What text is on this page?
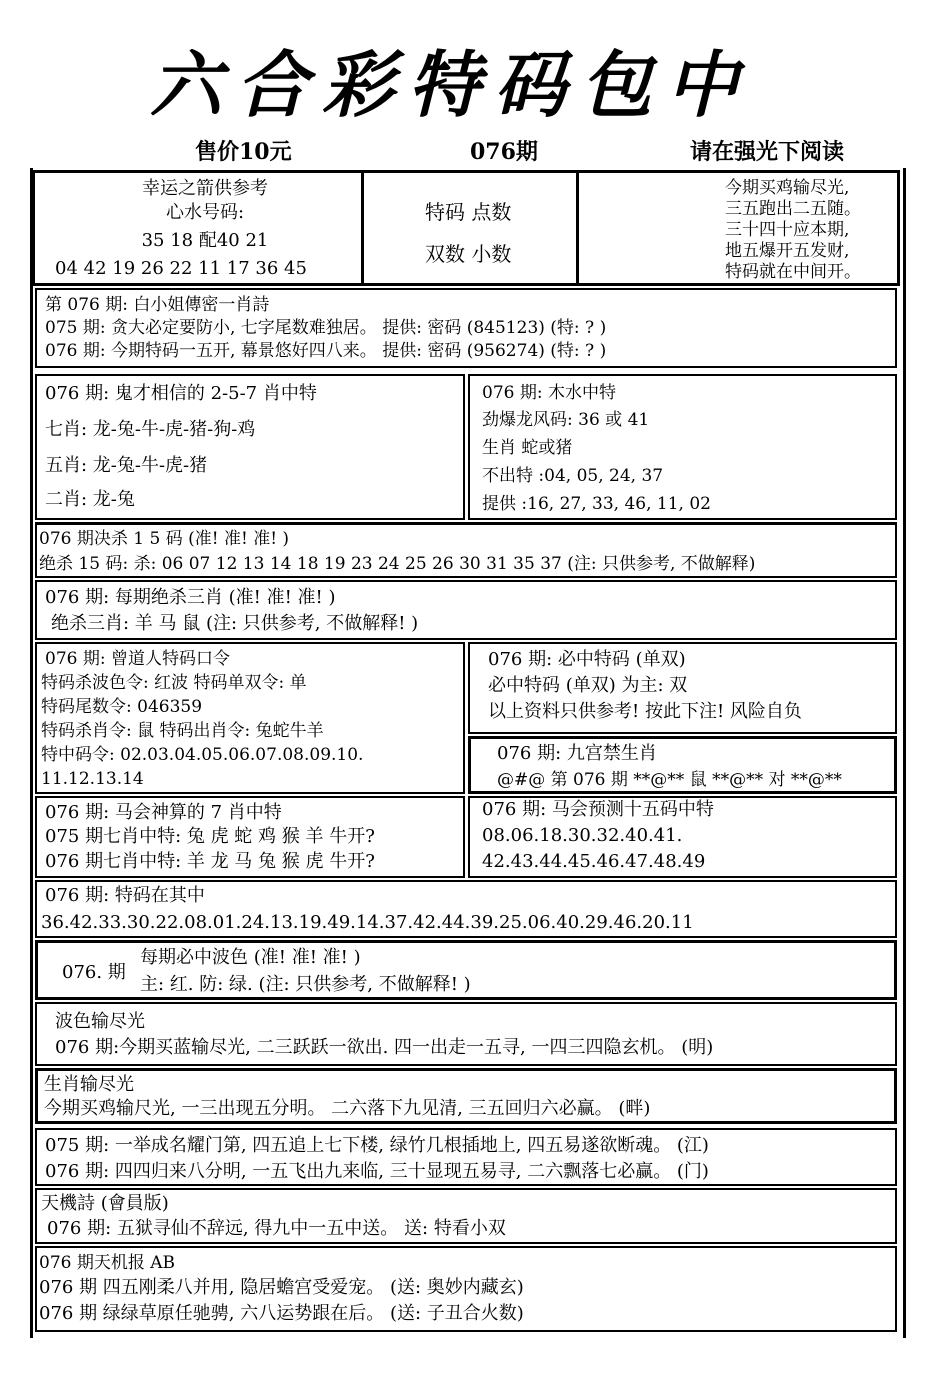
六合彩特码包中
售价10元	076期	请在强光下阅读
幸运之箭供参考
心水号码:
35 18 配40 21
04 42 19 26 22 11 17 36 45
特码 点数
双数 小数
今期买鸡输尽光,
三五跑出二五随。
三十四十应本期,
地五爆开五发财,
特码就在中间开。
第 076 期: 白小姐傳密一肖詩
075 期: 贪大必定要防小, 七字尾数难独居。 提供: 密码 (845123) (特: ? )
076 期: 今期特码一五开, 幕景悠好四八来。 提供: 密码 (956274) (特: ? )
076 期: 鬼才相信的 2-5-7 肖中特
七肖: 龙-兔-牛-虎-猪-狗-鸡
五肖: 龙-兔-牛-虎-猪
二肖: 龙-兔
076 期: 木水中特
劲爆龙风码: 36 或 41
生肖 蛇或猪
不出特 :04, 05, 24, 37
提供 :16, 27, 33, 46, 11, 02
076 期决杀 1 5 码 (准! 准! 准! )
绝杀 15 码: 杀: 06 07 12 13 14 18 19 23 24 25 26 30 31 35 37 (注: 只供参考, 不做解释)
076 期: 每期绝杀三肖 (准! 准! 准! )
绝杀三肖: 羊 马 鼠 (注: 只供参考, 不做解释! )
076 期: 曾道人特码口令
特码杀波色令: 红波 特码单双令: 单
特码尾数令: 046359
特码杀肖令: 鼠 特码出肖令: 兔蛇牛羊
特中码令: 02.03.04.05.06.07.08.09.10.
11.12.13.14
076 期: 必中特码 (单双)
必中特码 (单双) 为主: 双
以上资料只供参考! 按此下注! 风险自负
076 期: 九宫禁生肖
@#@ 第 076 期 **@** 鼠 **@** 对 **@**
076 期: 马会神算的 7 肖中特
075 期七肖中特: 兔 虎 蛇 鸡 猴 羊 牛开?
076 期七肖中特: 羊 龙 马 兔 猴 虎 牛开?
076 期: 马会预测十五码中特
08.06.18.30.32.40.41.
42.43.44.45.46.47.48.49
076 期: 特码在其中
36.42.33.30.22.08.01.24.13.19.49.14.37.42.44.39.25.06.40.29.46.20.11
每期必中波色 (准! 准! 准! )
076. 期
主: 红. 防: 绿. (注: 只供参考, 不做解释! )
波色输尽光
076 期:今期买蓝输尽光, 二三跃跃一欲出. 四一出走一五寻, 一四三四隐玄机。 (明)
生肖输尽光
今期买鸡输尺光, 一三出现五分明。 二六落下九见清, 三五回归六必赢。 (畔)
075 期: 一举成名耀门第, 四五追上七下楼, 绿竹几根插地上, 四五易遂欲断魂。 (江)
076 期: 四四归来八分明, 一五飞出九来临, 三十显现五易寻, 二六飘落七必赢。 (门)
天機詩 (會員版)
076 期: 五狱寻仙不辞远, 得九中一五中送。 送: 特看小双
076 期天机报 AB
076 期 四五刚柔八并用, 隐居蟾宫受爱宠。 (送: 奥妙内藏玄)
076 期 绿绿草原任驰骋, 六八运势跟在后。 (送: 子丑合火数)
